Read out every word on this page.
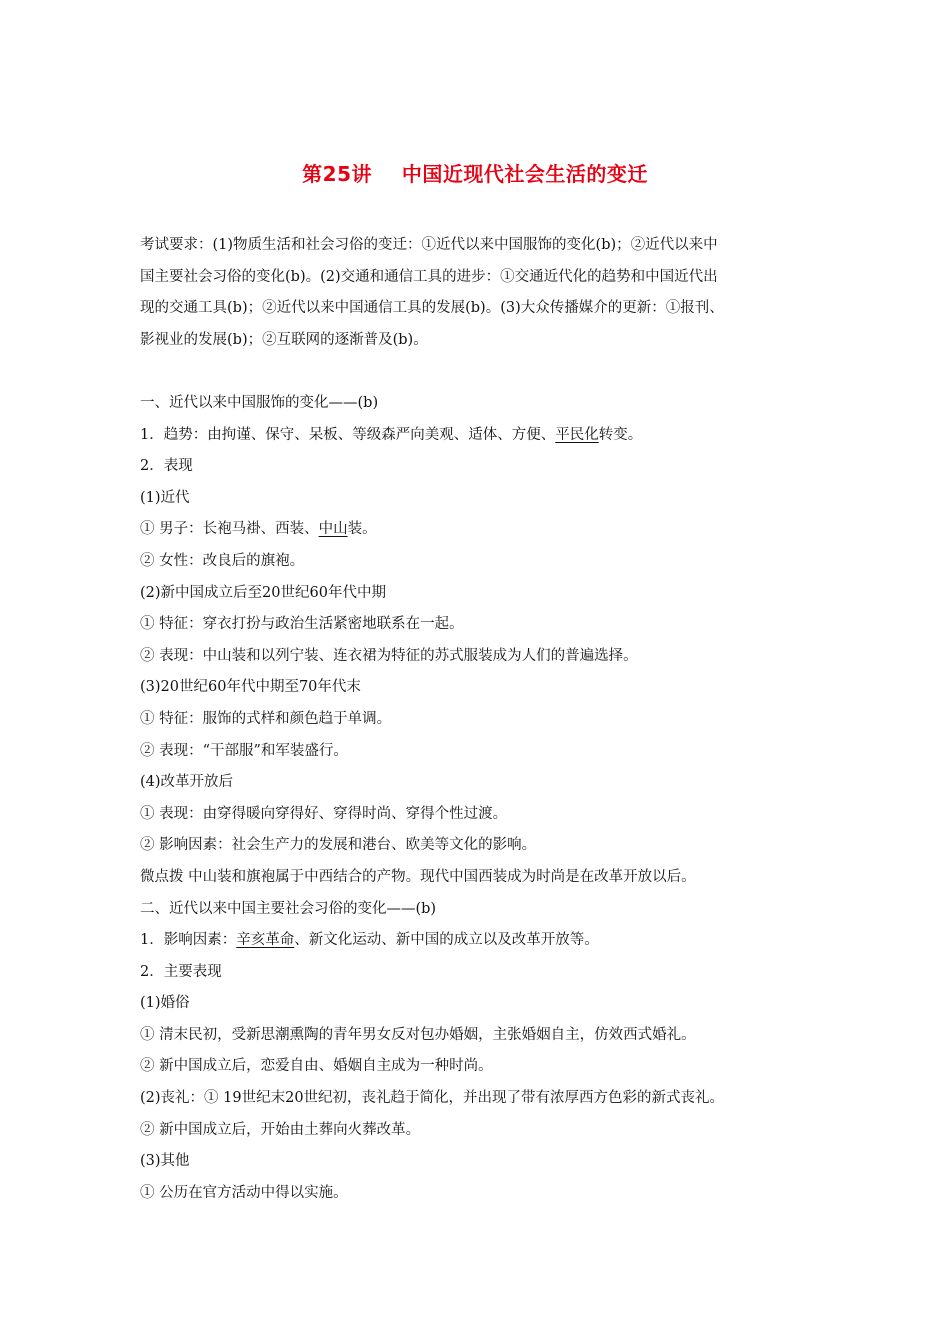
第25讲    中国近现代社会生活的变迁

考试要求：(1)物质生活和社会习俗的变迁：①近代以来中国服饰的变化(b)；②近代以来中

国主要社会习俗的变化(b)。(2)交通和通信工具的进步：①交通近代化的趋势和中国近代出

现的交通工具(b)；②近代以来中国通信工具的发展(b)。(3)大众传播媒介的更新：①报刊、

影视业的发展(b)；②互联网的逐渐普及(b)。

一、近代以来中国服饰的变化——(b)

1．趋势：由拘谨、保守、呆板、等级森严向美观、适体、方便、平民化转变。

2．表现

(1)近代

① 男子：长袍马褂、西装、中山装。

② 女性：改良后的旗袍。

(2)新中国成立后至20世纪60年代中期

① 特征：穿衣打扮与政治生活紧密地联系在一起。

② 表现：中山装和以列宁装、连衣裙为特征的苏式服装成为人们的普遍选择。

(3)20世纪60年代中期至70年代末

① 特征：服饰的式样和颜色趋于单调。

② 表现：“干部服”和军装盛行。

(4)改革开放后

① 表现：由穿得暖向穿得好、穿得时尚、穿得个性过渡。

② 影响因素：社会生产力的发展和港台、欧美等文化的影响。

微点拨 中山装和旗袍属于中西结合的产物。现代中国西装成为时尚是在改革开放以后。

二、近代以来中国主要社会习俗的变化——(b)

1．影响因素：辛亥革命、新文化运动、新中国的成立以及改革开放等。

2．主要表现

(1)婚俗

① 清末民初，受新思潮熏陶的青年男女反对包办婚姻，主张婚姻自主，仿效西式婚礼。

② 新中国成立后，恋爱自由、婚姻自主成为一种时尚。

(2)丧礼：① 19世纪末20世纪初，丧礼趋于简化，并出现了带有浓厚西方色彩的新式丧礼。

② 新中国成立后，开始由土葬向火葬改革。

(3)其他

① 公历在官方活动中得以实施。
